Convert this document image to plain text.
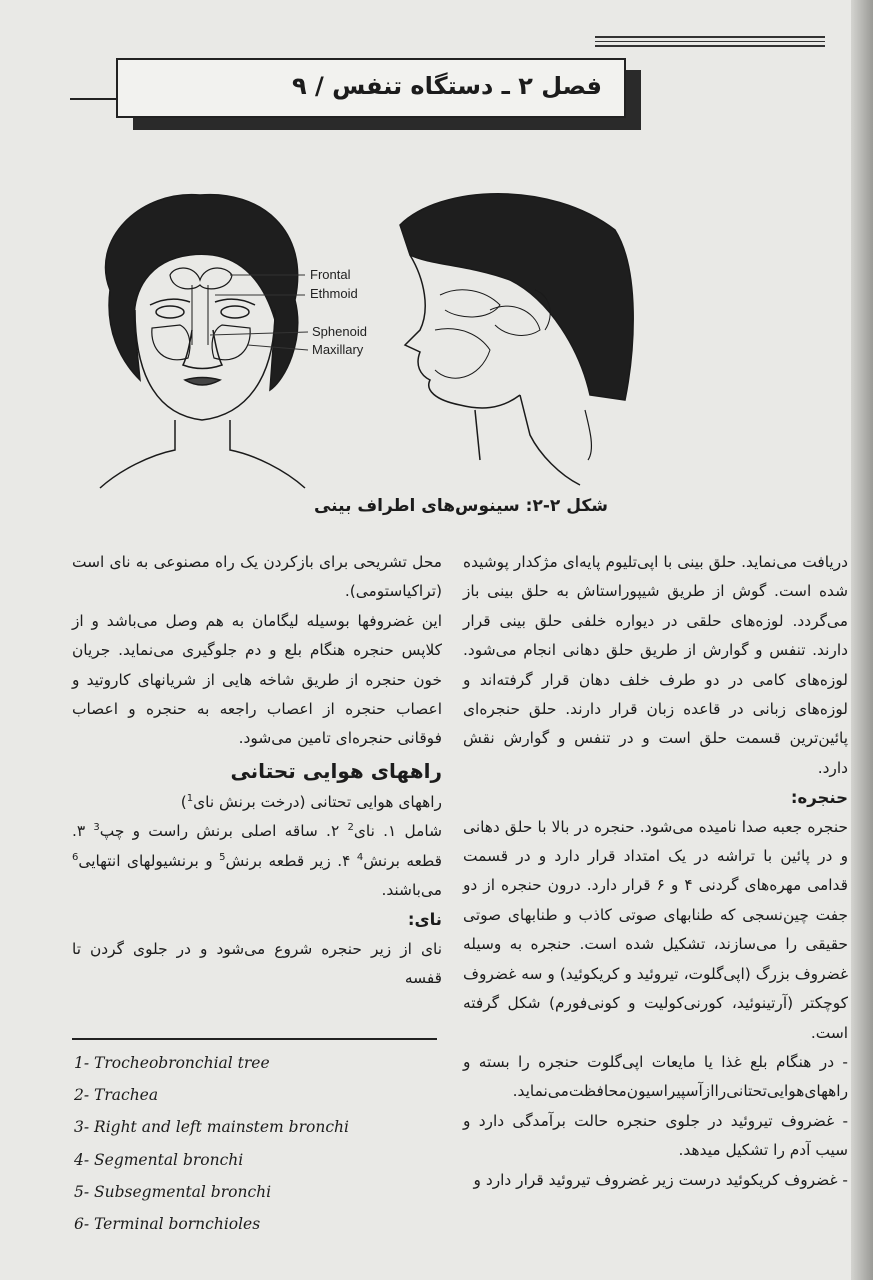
فصل ۲ ـ دستگاه تنفس / ۹
Frontal
Ethmoid
Sphenoid
Maxillary
شکل ۲-۲: سینوس‌های اطراف بینی

دریافت می‌نماید. حلق بینی با اپی‌تلیوم پایه‌ای مژکدار پوشیده شده است. گوش از طریق شیپوراستاش به حلق بینی باز می‌گردد. لوزه‌های حلقی در دیواره خلفی حلق بینی قرار دارند. تنفس و گوارش از طریق حلق دهانی انجام می‌شود. لوزه‌های کامی در دو طرف خلف دهان قرار گرفته‌اند و لوزه‌های زبانی در قاعده زبان قرار دارند. حلق حنجره‌ای پائین‌ترین قسمت حلق است و در تنفس و گوارش نقش دارد.

حنجره:

حنجره جعبه صدا نامیده می‌شود. حنجره در بالا با حلق دهانی و در پائین با تراشه در یک امتداد قرار دارد و در قسمت قدامی مهره‌های گردنی ۴ و ۶ قرار دارد. درون حنجره از دو جفت چین‌نسجی که طنابهای صوتی کاذب و طنابهای صوتی حقیقی را می‌سازند، تشکیل شده است. حنجره به وسیله غضروف بزرگ (اپی‌گلوت، تیروئید و کریکوئید) و سه غضروف کوچکتر (آرتینوئید، کورنی‌کولیت و کونی‌فورم) شکل گرفته است.

- در هنگام بلع غذا یا مایعات اپی‌گلوت حنجره را بسته و راههای‌هوایی‌تحتانی‌راازآسپیراسیون‌محافظت‌می‌نماید.

- غضروف تیروئید در جلوی حنجره حالت برآمدگی دارد و سیب آدم را تشکیل میدهد.

- غضروف کریکوئید درست زیر غضروف تیروئید قرار دارد و

محل تشریحی برای بازکردن یک راه مصنوعی به نای است (تراکیاستومی).

این غضروفها بوسیله لیگامان به هم وصل می‌باشد و از کلاپس حنجره هنگام بلع و دم جلوگیری می‌نماید. جریان خون حنجره از طریق شاخه هایی از شریانهای کاروتید و اعصاب حنجره از اعصاب راجعه به حنجره و اعصاب فوقانی حنجره‌ای تامین می‌شود.

راههای هوایی تحتانی

راههای هوایی تحتانی (درخت برنش نای$^1$)

شامل ۱. نای$^2$ ۲. ساقه اصلی برنش راست و چپ$^3$ ۳. قطعه برنش$^4$ ۴. زیر قطعه برنش$^5$ و برنشیولهای انتهایی$^6$ می‌باشند.

نای:

نای از زیر حنجره شروع می‌شود و در جلوی گردن تا قفسه

1- Trocheobronchial tree
2- Trachea
3- Right and left mainstem bronchi
4- Segmental bronchi
5- Subsegmental bronchi
6- Terminal bornchioles
